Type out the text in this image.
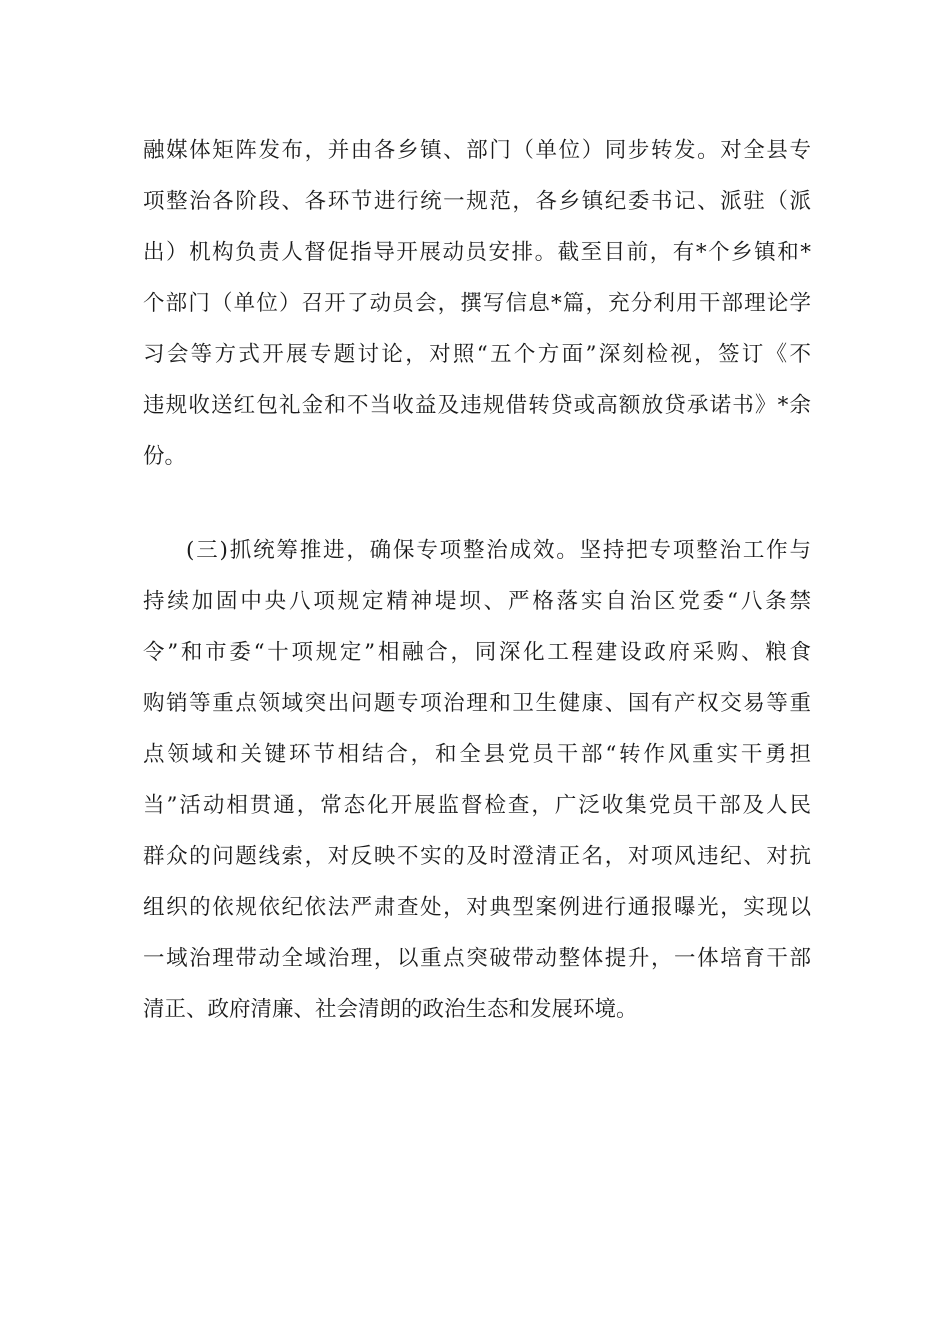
融媒体矩阵发布，并由各乡镇、部门（单位）同步转发。对全县专
项整治各阶段、各环节进行统一规范，各乡镇纪委书记、派驻（派
出）机构负责人督促指导开展动员安排。截至目前，有*个乡镇和*
个部门（单位）召开了动员会，撰写信息*篇，充分利用干部理论学
习会等方式开展专题讨论，对照“五个方面”深刻检视，签订《不
违规收送红包礼金和不当收益及违规借转贷或高额放贷承诺书》*余
份。
(三)抓统筹推进，确保专项整治成效。坚持把专项整治工作与
持续加固中央八项规定精神堤坝、严格落实自治区党委“八条禁
令”和市委“十项规定”相融合，同深化工程建设政府采购、粮食
购销等重点领域突出问题专项治理和卫生健康、国有产权交易等重
点领域和关键环节相结合，和全县党员干部“转作风重实干勇担
当”活动相贯通，常态化开展监督检查，广泛收集党员干部及人民
群众的问题线索，对反映不实的及时澄清正名，对项风违纪、对抗
组织的依规依纪依法严肃查处，对典型案例进行通报曝光，实现以
一域治理带动全域治理，以重点突破带动整体提升，一体培育干部
清正、政府清廉、社会清朗的政治生态和发展环境。
